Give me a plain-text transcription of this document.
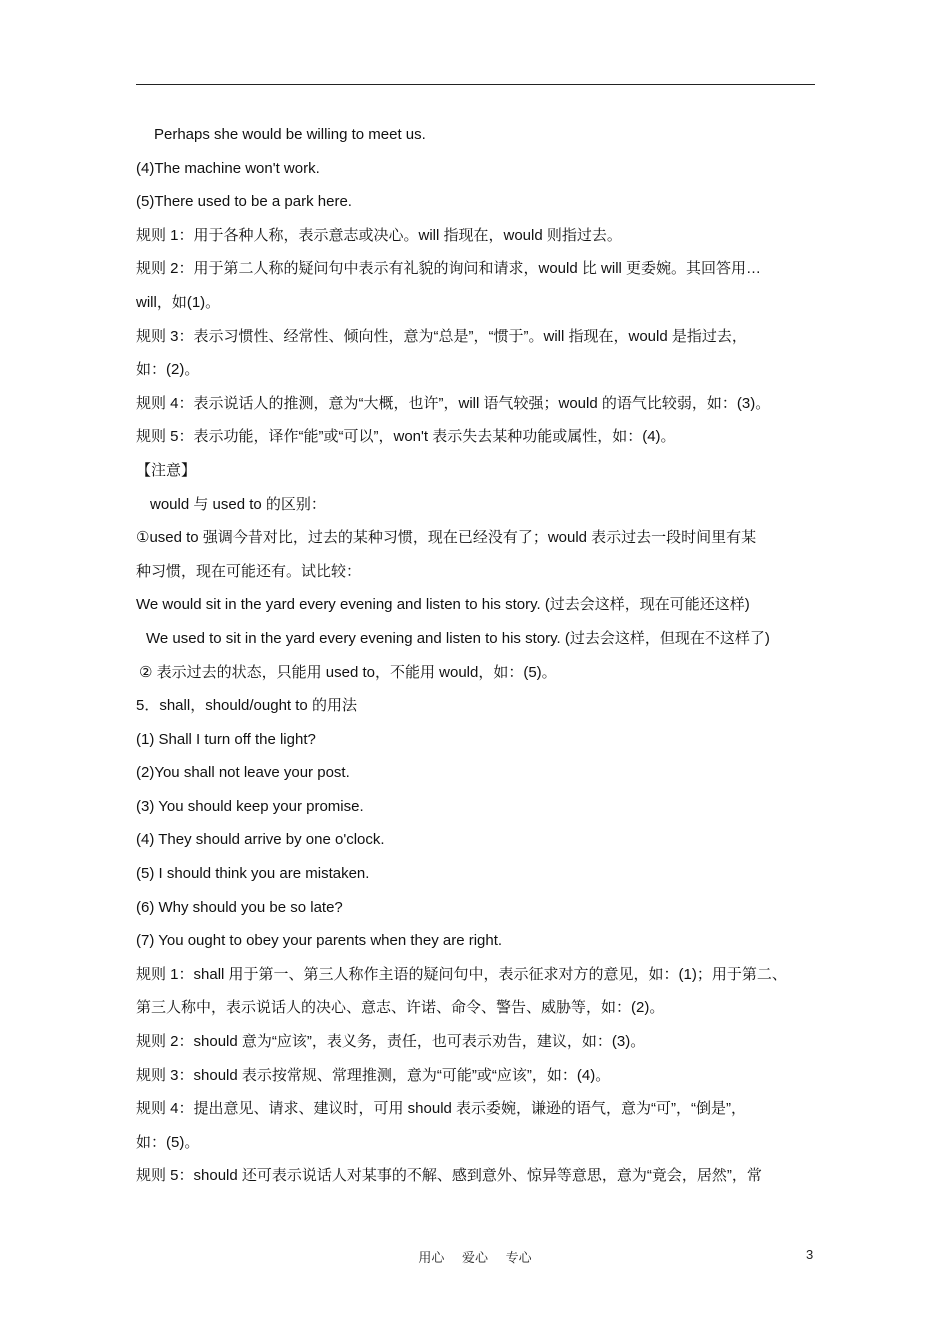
Perhaps she would be willing to meet us.
(4)The machine won't work.
(5)There used to be a park here.
规则 1：用于各种人称，表示意志或决心。will 指现在，would 则指过去。
规则 2：用于第二人称的疑问句中表示有礼貌的询问和请求，would 比 will 更委婉。其回答用…
will，如(1)。
规则 3：表示习惯性、经常性、倾向性，意为“总是”，“惯于”。will 指现在，would 是指过去，
如：(2)。
规则 4：表示说话人的推测，意为“大概，也许”，will 语气较强；would 的语气比较弱，如：(3)。
规则 5：表示功能，译作“能”或“可以”，won't 表示失去某种功能或属性，如：(4)。
【注意】
would 与 used to 的区别：
①used to 强调今昔对比，过去的某种习惯，现在已经没有了；would 表示过去一段时间里有某
种习惯，现在可能还有。试比较：
We would sit in the yard every evening and listen to his story. (过去会这样，现在可能还这样)
We used to sit in the yard every evening and listen to his story. (过去会这样，但现在不这样了)
② 表示过去的状态，只能用 used to，不能用 would，如：(5)。
5．shall，should/ought to 的用法
(1) Shall I turn off the light?
(2)You shall not leave your post.
(3) You should keep your promise.
(4) They should arrive by one o'clock.
(5) I should think you are mistaken.
(6) Why should you be so late?
(7) You ought to obey your parents when they are right.
规则 1：shall 用于第一、第三人称作主语的疑问句中，表示征求对方的意见，如：(1)；用于第二、
第三人称中，表示说话人的决心、意志、许诺、命令、警告、威胁等，如：(2)。
规则 2：should 意为“应该”，表义务，责任，也可表示劝告，建议，如：(3)。
规则 3：should 表示按常规、常理推测，意为“可能”或“应该”，如：(4)。
规则 4：提出意见、请求、建议时，可用 should 表示委婉，谦逊的语气，意为“可”，“倒是”，
如：(5)。
规则 5：should 还可表示说话人对某事的不解、感到意外、惊异等意思，意为“竟会，居然”，常
用心 爱心 专心	3
